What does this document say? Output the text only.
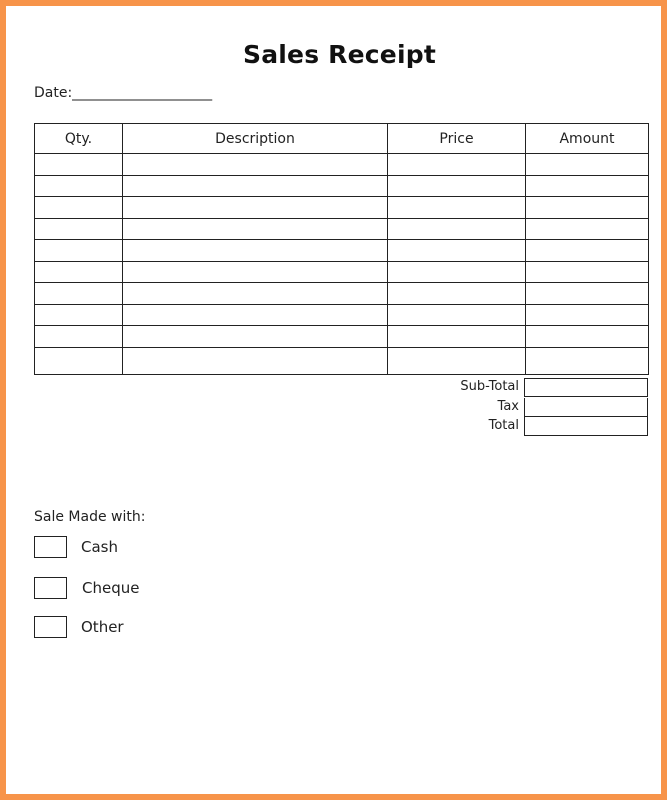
Sales Receipt
Date:____________________
Qty.	Description	Price	Amount

Sub-Total
Tax
Total
Sale Made with:
Cash
Cheque
Other
